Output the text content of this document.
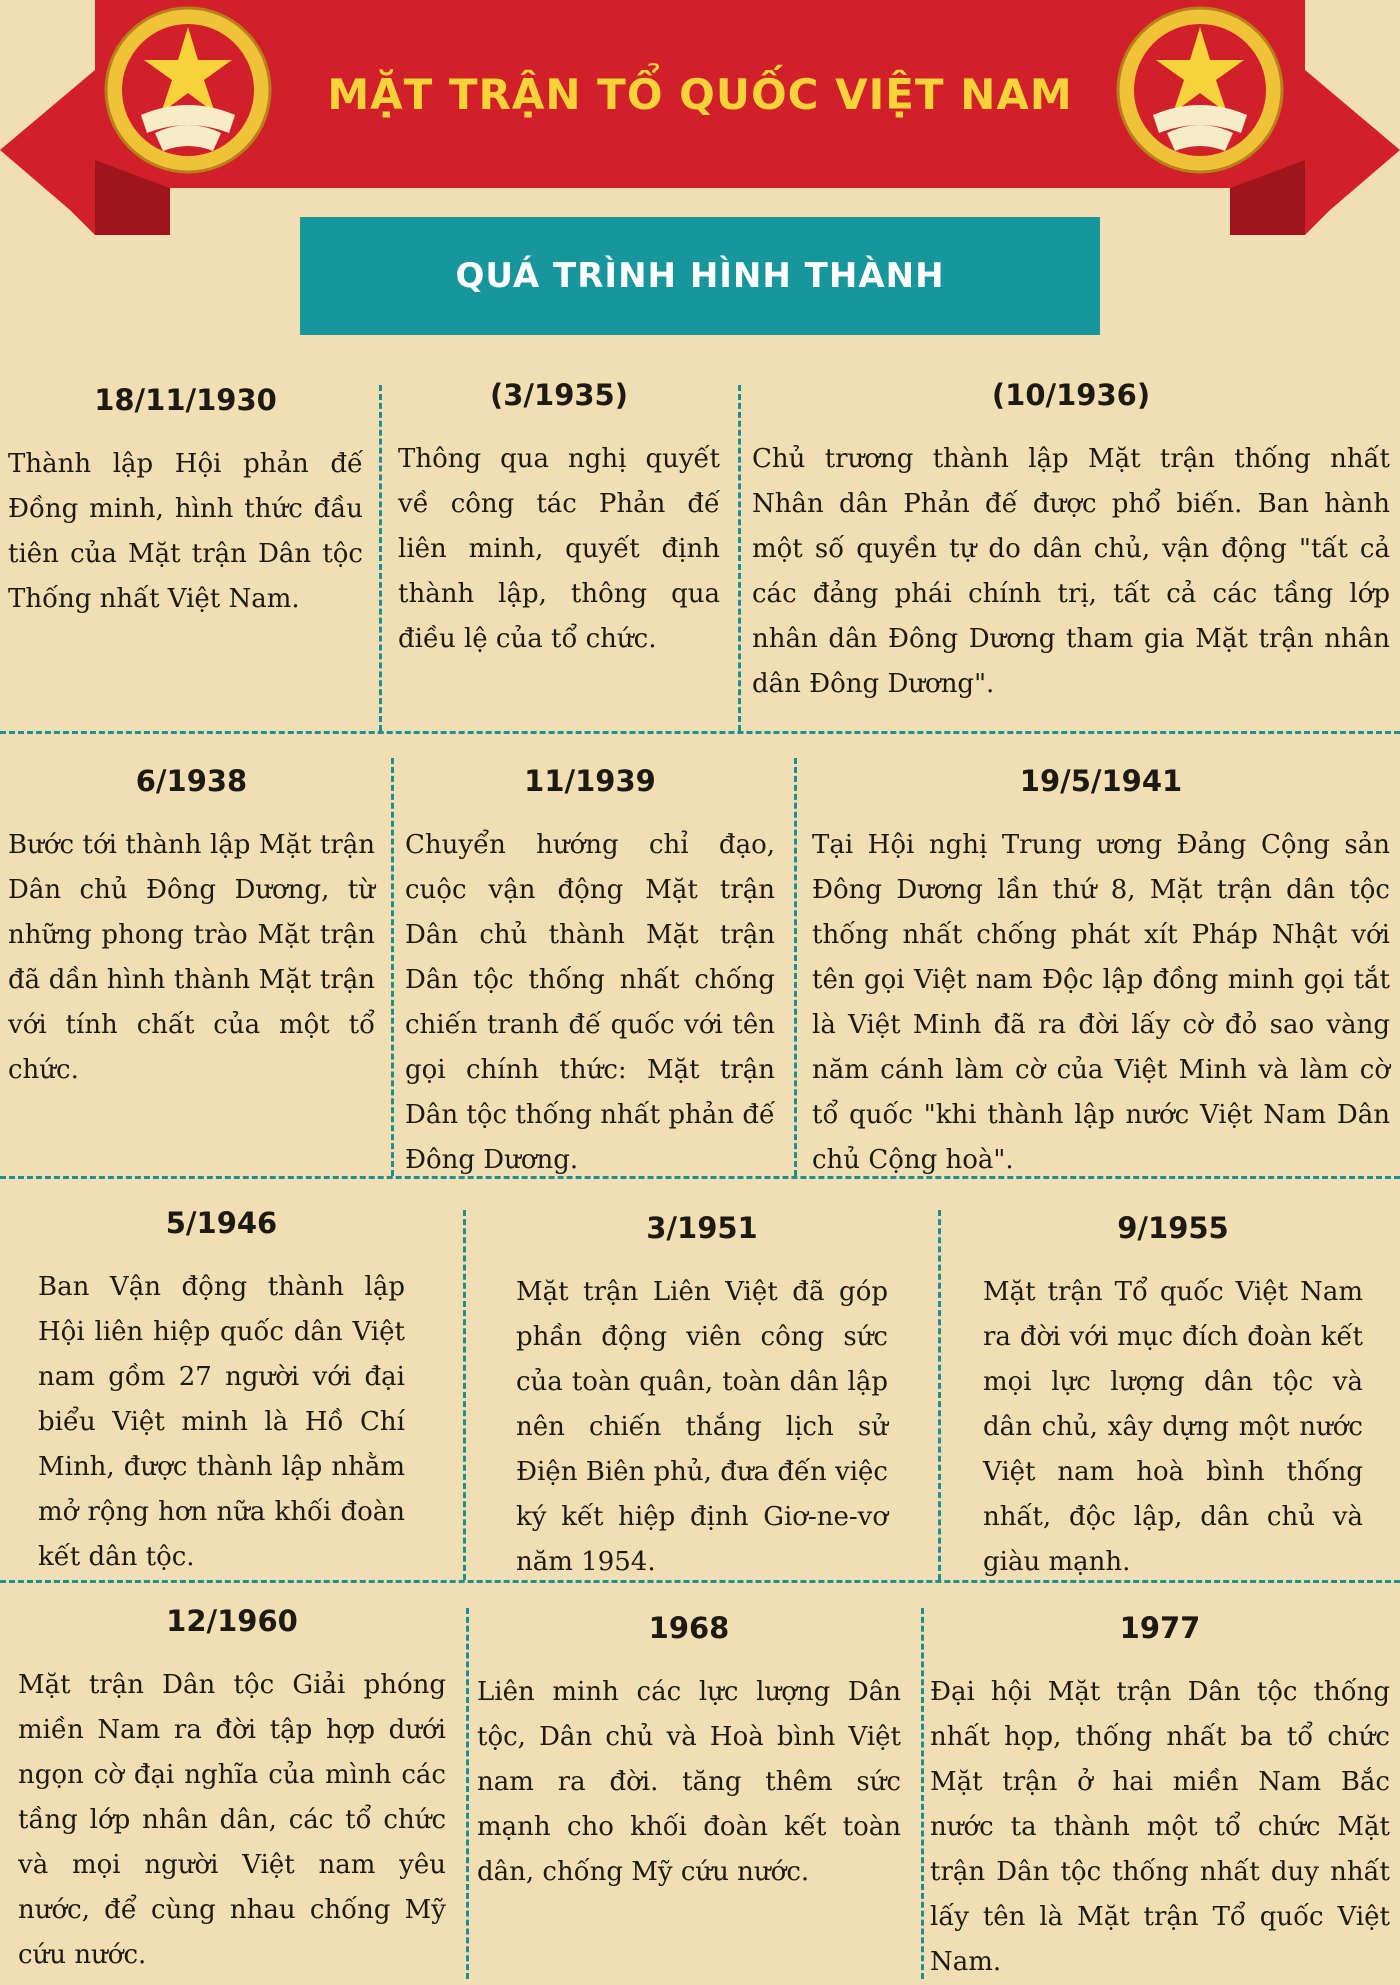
MẶT TRẬN TỔ QUỐC VIỆT NAM
QUÁ TRÌNH HÌNH THÀNH
18/11/1930
Thành lập Hội phản đế Đồng minh, hình thức đầu tiên của Mặt trận Dân tộc Thống nhất Việt Nam.
(3/1935)
Thông qua nghị quyết về công tác Phản đế liên minh, quyết định thành lập, thông qua điều lệ của tổ chức.
(10/1936)
Chủ trương thành lập Mặt trận thống nhất Nhân dân Phản đế được phổ biến. Ban hành một số quyền tự do dân chủ, vận động "tất cả các đảng phái chính trị, tất cả các tầng lớp nhân dân Đông Dương tham gia Mặt trận nhân dân Đông Dương".
6/1938
Bước tới thành lập Mặt trận Dân chủ Đông Dương, từ những phong trào Mặt trận đã dần hình thành Mặt trận với tính chất của một tổ chức.
11/1939
Chuyển hướng chỉ đạo, cuộc vận động Mặt trận Dân chủ thành Mặt trận Dân tộc thống nhất chống chiến tranh đế quốc với tên gọi chính thức: Mặt trận Dân tộc thống nhất phản đế Đông Dương.
19/5/1941
Tại Hội nghị Trung ương Đảng Cộng sản Đông Dương lần thứ 8, Mặt trận dân tộc thống nhất chống phát xít Pháp Nhật với tên gọi Việt nam Độc lập đồng minh gọi tắt là Việt Minh đã ra đời lấy cờ đỏ sao vàng năm cánh làm cờ của Việt Minh và làm cờ tổ quốc "khi thành lập nước Việt Nam Dân chủ Cộng hoà".
5/1946
Ban Vận động thành lập Hội liên hiệp quốc dân Việt nam gồm 27 người với đại biểu Việt minh là Hồ Chí Minh, được thành lập nhằm mở rộng hơn nữa khối đoàn kết dân tộc.
3/1951
Mặt trận Liên Việt đã góp phần động viên công sức của toàn quân, toàn dân lập nên chiến thắng lịch sử Điện Biên phủ, đưa đến việc ký kết hiệp định Giơ-ne-vơ năm 1954.
9/1955
Mặt trận Tổ quốc Việt Nam ra đời với mục đích đoàn kết mọi lực lượng dân tộc và dân chủ, xây dựng một nước Việt nam hoà bình thống nhất, độc lập, dân chủ và giàu mạnh.
12/1960
Mặt trận Dân tộc Giải phóng miền Nam ra đời tập hợp dưới ngọn cờ đại nghĩa của mình các tầng lớp nhân dân, các tổ chức và mọi người Việt nam yêu nước, để cùng nhau chống Mỹ cứu nước.
1968
Liên minh các lực lượng Dân tộc, Dân chủ và Hoà bình Việt nam ra đời. tăng thêm sức mạnh cho khối đoàn kết toàn dân, chống Mỹ cứu nước.
1977
Đại hội Mặt trận Dân tộc thống nhất họp, thống nhất ba tổ chức Mặt trận ở hai miền Nam Bắc nước ta thành một tổ chức Mặt trận Dân tộc thống nhất duy nhất lấy tên là Mặt trận Tổ quốc Việt Nam.
